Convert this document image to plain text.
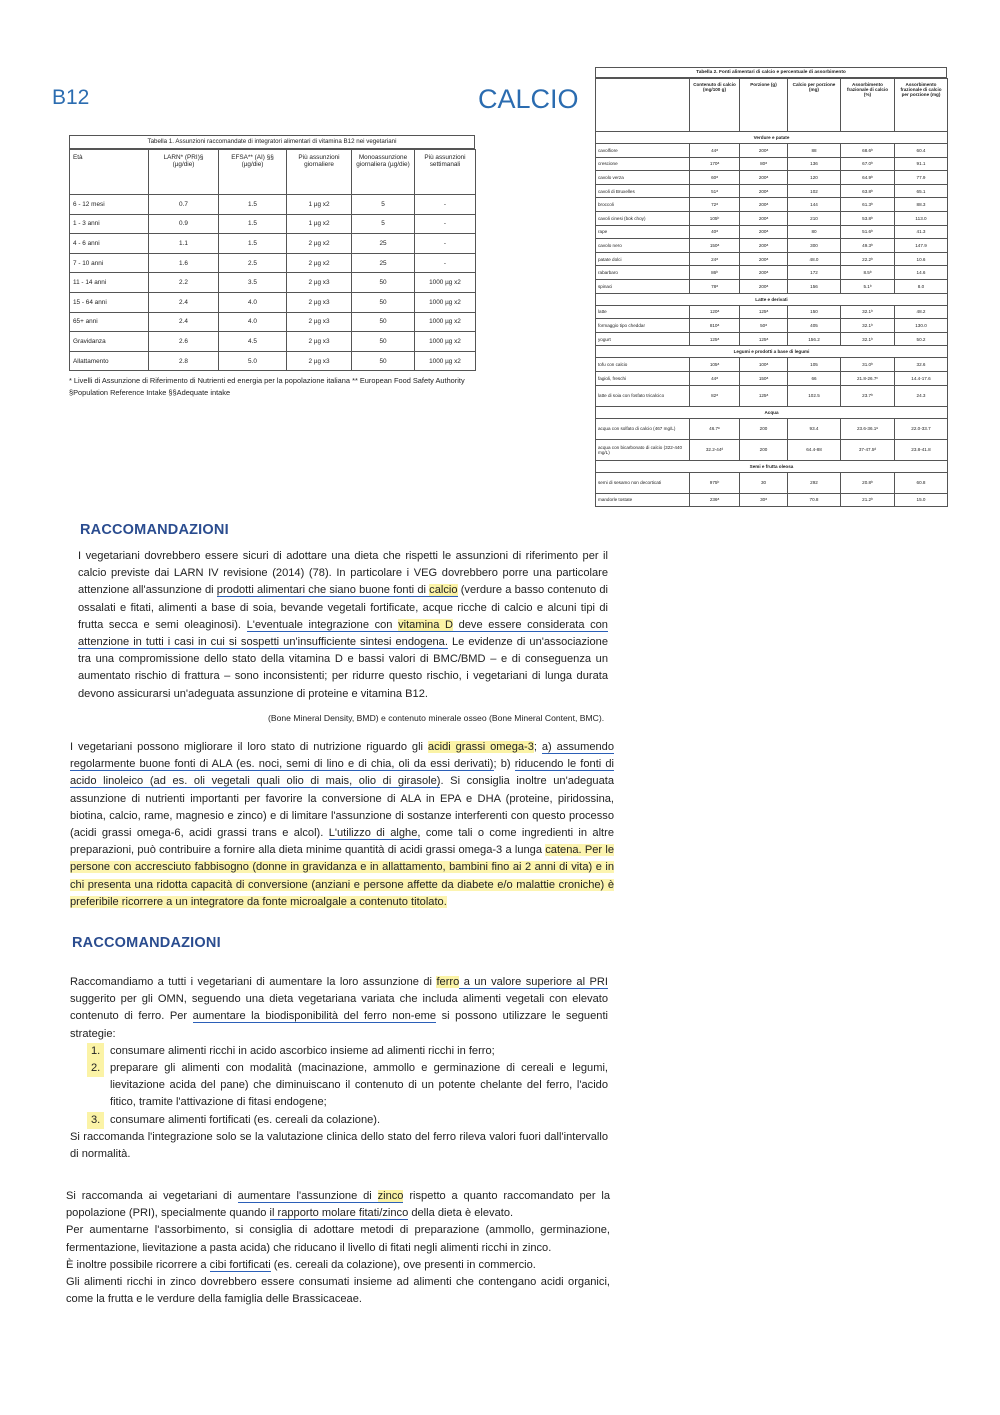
B12	CALCIO
Tabella 1. Assunzioni raccomandate di integratori alimentari di vitamina B12 nei vegetariani
Età	LARN* (PRI)§ (µg/die)	EFSA** (AI) §§ (µg/die)	Più assunzioni giornaliere	Monoassunzione giornaliera (µg/die)	Più assunzioni settimanali
6 - 12 mesi	0.7	1.5	1 µg x2	5	-
1 - 3 anni	0.9	1.5	1 µg x2	5	-
4 - 6 anni	1.1	1.5	2 µg x2	25	-
7 - 10 anni	1.6	2.5	2 µg x2	25	-
11 - 14 anni	2.2	3.5	2 µg x3	50	1000 µg x2
15 - 64 anni	2.4	4.0	2 µg x3	50	1000 µg x2
65+ anni	2.4	4.0	2 µg x3	50	1000 µg x2
Gravidanza	2.6	4.5	2 µg x3	50	1000 µg x2
Allattamento	2.8	5.0	2 µg x3	50	1000 µg x2
* Livelli di Assunzione di Riferimento di Nutrienti ed energia per la popolazione italiana ** European Food Safety Authority §Population Reference Intake §§Adequate intake
Tabella 2. Fonti alimentari di calcio e percentuale di assorbimento
	Contenuto di calcio (mg/100 g)	Porzione (g)	Calcio per porzione (mg)	Assorbimento frazionale di calcio (%)	Assorbimento frazionale di calcio per porzione (mg)
Verdure e patate					
cavolfiore	44ᵃ	200ᵃ	88	68.6ᵇ	60.4
crescione	170ᵃ	80ᵃ	136	67.0ᵇ	91.1
cavolo verza	60ᵃ	200ᵃ	120	64.9ᵇ	77.9
cavoli di Bruxelles	51ᵃ	200ᵃ	102	63.8ᵇ	65.1
broccoli	72ᵃ	200ᵃ	144	61.3ᵇ	88.3
cavoli cinesi (bok choy)	105ᵇ	200ᵃ	210	53.8ᵇ	113.0
rape	40ᵃ	200ᵃ	80	51.6ᵇ	41.3
cavolo nero	150ᵃ	200ᵃ	300	49.3ᵇ	147.9
patate dolci	24ᵃ	200ᵃ	48.0	22.2ᵇ	10.6
rabarbaro	86ᵇ	200ᵃ	172	8.5ᵇ	14.6
spinaci	78ᵃ	200ᵃ	156	5.1ᵇ	8.0
Latte e derivati					
latte	120ᵃ	125ᵃ	150	32.1ᵇ	48.2
formaggio tipo cheddar	810ᵃ	50ᵃ	405	32.1ᵇ	130.0
yogurt	125ᵃ	125ᵃ	156.2	32.1ᵇ	50.2
Legumi e prodotti a base di legumi					
tofu con calcio	105ᵃ	100ᵃ	105	31.0ᵇ	32.6
fagioli, freschi	44ᵃ	150ᵃ	66	21.8-26.7ᶜ	14.4-17.6
latte di soia con fosfato tricalcico	82ᵃ	125ᵃ	102.5	23.7ᵇ	24.3
Acqua					
acqua con solfato di calcio (467 mg/L)	46.7ᵉ	200	93.4	23.6-36.1ᵉ	22.0-33.7
acqua con bicarbonato di calcio (322-440 mg/L)	32.2-44ᵈ	200	64.4-88	37-47.5ᵈ	23.8-41.8
Semi e frutta oleosa					
semi di sesamo non decorticati	975ᵇ	30	292	20.8ᵇ	60.8
mandorle tostate	236ᵃ	30ᵃ	70.8	21.2ᵇ	15.0
RACCOMANDAZIONI

I vegetariani dovrebbero essere sicuri di adottare una dieta che rispetti le assunzioni di riferimento per il calcio previste dai LARN IV revisione (2014) (78). In particolare i VEG dovrebbero porre una particolare attenzione all'assunzione di prodotti alimentari che siano buone fonti di calcio (verdure a basso contenuto di ossalati e fitati, alimenti a base di soia, bevande vegetali fortificate, acque ricche di calcio e alcuni tipi di frutta secca e semi oleaginosi). L'eventuale integrazione con vitamina D deve essere considerata con attenzione in tutti i casi in cui si sospetti un'insufficiente sintesi endogena. Le evidenze di un'associazione tra una compromissione dello stato della vitamina D e bassi valori di BMC/BMD – e di conseguenza un aumentato rischio di frattura – sono inconsistenti; per ridurre questo rischio, i vegetariani di lunga durata devono assicurarsi un'adeguata assunzione di proteine e vitamina B12.

(Bone Mineral Density, BMD) e contenuto minerale osseo (Bone Mineral Content, BMC).

I vegetariani possono migliorare il loro stato di nutrizione riguardo gli acidi grassi omega-3; a) assumendo regolarmente buone fonti di ALA (es. noci, semi di lino e di chia, oli da essi derivati); b) riducendo le fonti di acido linoleico (ad es. oli vegetali quali olio di mais, olio di girasole). Si consiglia inoltre un'adeguata assunzione di nutrienti importanti per favorire la conversione di ALA in EPA e DHA (proteine, piridossina, biotina, calcio, rame, magnesio e zinco) e di limitare l'assunzione di sostanze interferenti con questo processo (acidi grassi omega-6, acidi grassi trans e alcol). L'utilizzo di alghe, come tali o come ingredienti in altre preparazioni, può contribuire a fornire alla dieta minime quantità di acidi grassi omega-3 a lunga catena. Per le persone con accresciuto fabbisogno (donne in gravidanza e in allattamento, bambini fino ai 2 anni di vita) e in chi presenta una ridotta capacità di conversione (anziani e persone affette da diabete e/o malattie croniche) è preferibile ricorrere a un integratore da fonte microalgale a contenuto titolato.

RACCOMANDAZIONI

Raccomandiamo a tutti i vegetariani di aumentare la loro assunzione di ferro a un valore superiore al PRI suggerito per gli OMN, seguendo una dieta vegetariana variata che includa alimenti vegetali con elevato contenuto di ferro. Per aumentare la biodisponibilità del ferro non-eme si possono utilizzare le seguenti strategie:

1. consumare alimenti ricchi in acido ascorbico insieme ad alimenti ricchi in ferro;
2. preparare gli alimenti con modalità (macinazione, ammollo e germinazione di cereali e legumi, lievitazione acida del pane) che diminuiscano il contenuto di un potente chelante del ferro, l'acido fitico, tramite l'attivazione di fitasi endogene;
3. consumare alimenti fortificati (es. cereali da colazione).

Si raccomanda l'integrazione solo se la valutazione clinica dello stato del ferro rileva valori fuori dall'intervallo di normalità.

Si raccomanda ai vegetariani di aumentare l'assunzione di zinco rispetto a quanto raccomandato per la popolazione (PRI), specialmente quando il rapporto molare fitati/zinco della dieta è elevato.

Per aumentarne l'assorbimento, si consiglia di adottare metodi di preparazione (ammollo, germinazione, fermentazione, lievitazione a pasta acida) che riducano il livello di fitati negli alimenti ricchi in zinco.

È inoltre possibile ricorrere a cibi fortificati (es. cereali da colazione), ove presenti in commercio.

Gli alimenti ricchi in zinco dovrebbero essere consumati insieme ad alimenti che contengano acidi organici, come la frutta e le verdure della famiglia delle Brassicaceae.
